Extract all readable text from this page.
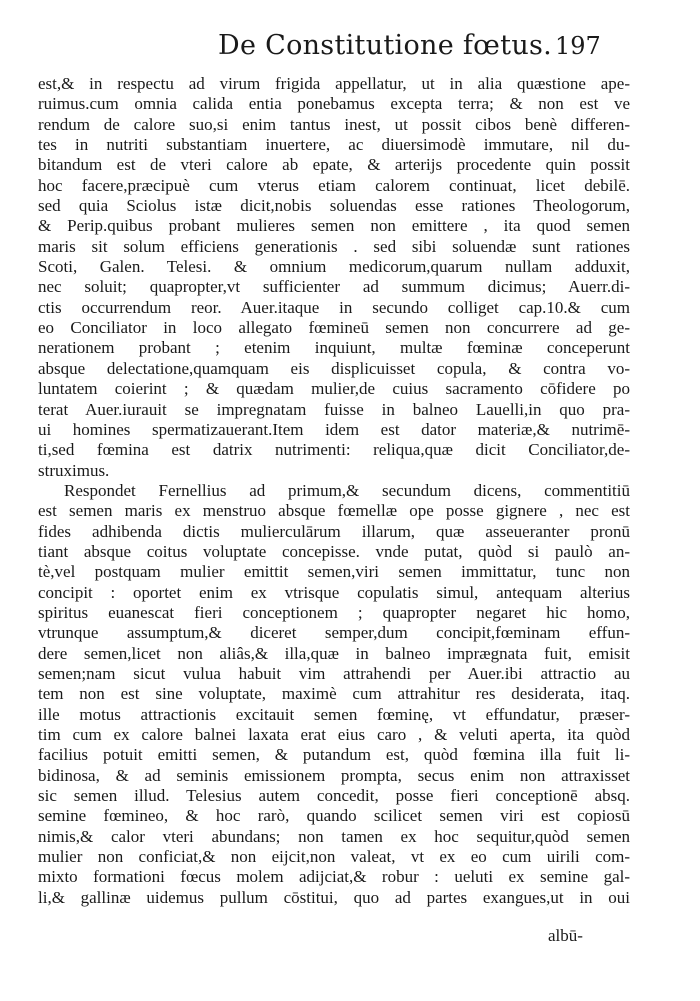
De Constitutione fœtus. 197
est,& in respectu ad virum frigida appellatur, ut in alia quæstione ape-
ruimus.cum omnia calida entia ponebamus excepta terra; & non est ve
rendum de calore suo,si enim tantus inest, ut possit cibos benè differen-
tes in nutriti substantiam inuertere, ac diuersimodè immutare, nil du-
bitandum est de vteri calore ab epate, & arterijs procedente quin possit
hoc facere,præcipuè cum vterus etiam calorem continuat, licet debilē.
sed quia Sciolus istæ dicit,nobis soluendas esse rationes Theologorum,
& Perip.quibus probant mulieres semen non emittere , ita quod semen
maris sit solum efficiens generationis . sed sibi soluendæ sunt rationes
Scoti, Galen. Telesi. & omnium medicorum,quarum nullam adduxit,
nec soluit; quapropter,vt sufficienter ad summum dicimus; Auerr.di-
ctis occurrendum reor. Auer.itaque in secundo colliget cap.10.& cum
eo Conciliator in loco allegato fœmineū semen non concurrere ad ge-
nerationem probant ; etenim inquiunt, multæ fœminæ conceperunt
absque delectatione,quamquam eis displicuisset copula, & contra vo-
luntatem coierint ; & quædam mulier,de cuius sacramento cōfidere po
terat Auer.iurauit se impregnatam fuisse in balneo Lauelli,in quo pra-
ui homines spermatizauerant.Item idem est dator materiæ,& nutrimē-
ti,sed fœmina est datrix nutrimenti: reliqua,quæ dicit Conciliator,de-
struximus.
Respondet Fernellius ad primum,& secundum dicens, commentitiū
est semen maris ex menstruo absque fœmellæ ope posse gignere , nec est
fides adhibenda dictis mulierculārum illarum, quæ asseueranter pronū
tiant absque coitus voluptate concepisse. vnde putat, quòd si paulò an-
tè,vel postquam mulier emittit semen,viri semen immittatur, tunc non
concipit : oportet enim ex vtrisque copulatis simul, antequam alterius
spiritus euanescat fieri conceptionem ; quapropter negaret hic homo,
vtrunque assumptum,& diceret semper,dum concipit,fœminam effun-
dere semen,licet non aliâs,& illa,quæ in balneo imprægnata fuit, emisit
semen;nam sicut vulua habuit vim attrahendi per Auer.ibi attractio au
tem non est sine voluptate, maximè cum attrahitur res desiderata, itaq.
ille motus attractionis excitauit semen fœminę, vt effundatur, præser-
tim cum ex calore balnei laxata erat eius caro , & veluti aperta, ita quòd
facilius potuit emitti semen, & putandum est, quòd fœmina illa fuit li-
bidinosa, & ad seminis emissionem prompta, secus enim non attraxisset
sic semen illud. Telesius autem concedit, posse fieri conceptionē absq.
semine fœmineo, & hoc rarò, quando scilicet semen viri est copiosū
nimis,& calor vteri abundans; non tamen ex hoc sequitur,quòd semen
mulier non conficiat,& non eijcit,non valeat, vt ex eo cum uirili com-
mixto formationi fœcus molem adijciat,& robur : ueluti ex semine gal-
li,& gallinæ uidemus pullum cōstitui, quo ad partes exangues,ut in oui
albū-
